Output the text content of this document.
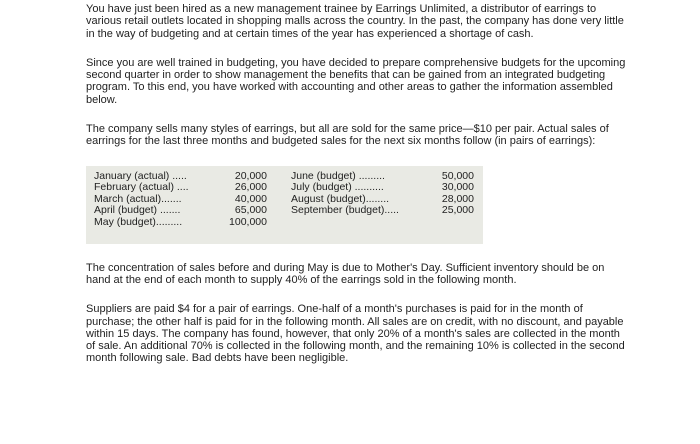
You have just been hired as a new management trainee by Earrings Unlimited, a distributor of earrings to various retail outlets located in shopping malls across the country. In the past, the company has done very little in the way of budgeting and at certain times of the year has experienced a shortage of cash.

Since you are well trained in budgeting, you have decided to prepare comprehensive budgets for the upcoming second quarter in order to show management the benefits that can be gained from an integrated budgeting program. To this end, you have worked with accounting and other areas to gather the information assembled below.

The company sells many styles of earrings, but all are sold for the same price—$10 per pair. Actual sales of earrings for the last three months and budgeted sales for the next six months follow (in pairs of earrings):

January (actual) .....	20,000
February (actual) ....	26,000
March (actual).......	40,000
April (budget) .......	65,000
May (budget).........	100,000
June (budget) .........	50,000
July (budget) ..........	30,000
August (budget)........	28,000
September (budget).....	25,000

The concentration of sales before and during May is due to Mother's Day. Sufficient inventory should be on hand at the end of each month to supply 40% of the earrings sold in the following month.

Suppliers are paid $4 for a pair of earrings. One-half of a month's purchases is paid for in the month of purchase; the other half is paid for in the following month. All sales are on credit, with no discount, and payable within 15 days. The company has found, however, that only 20% of a month's sales are collected in the month of sale. An additional 70% is collected in the following month, and the remaining 10% is collected in the second month following sale. Bad debts have been negligible.
